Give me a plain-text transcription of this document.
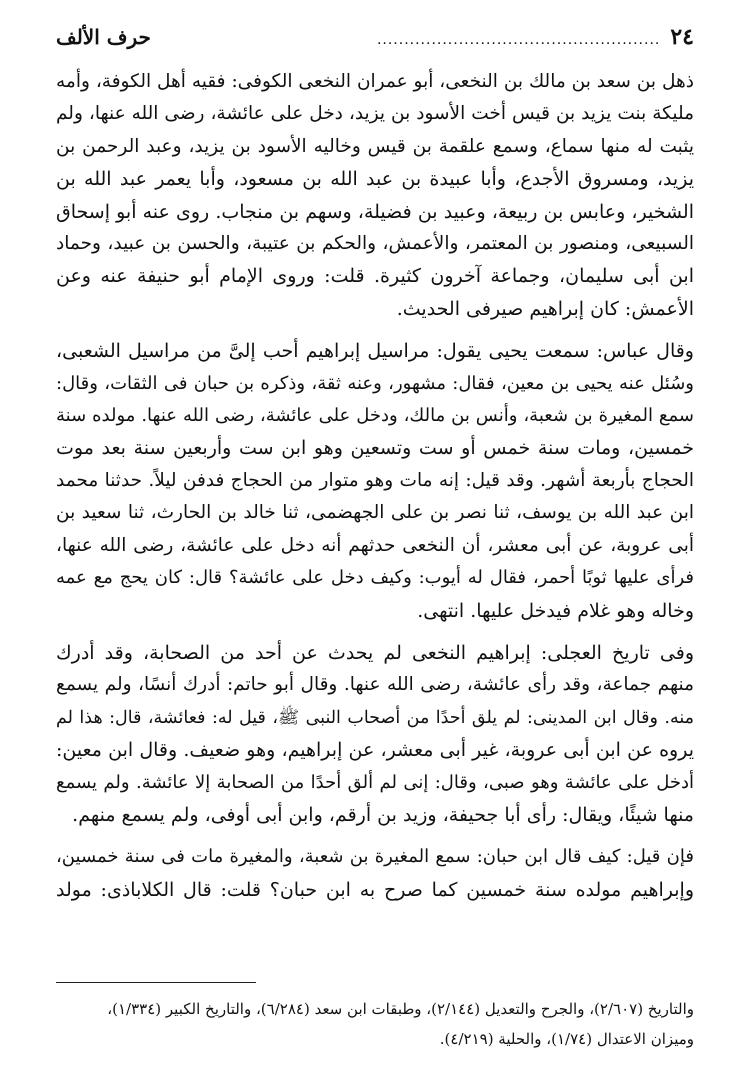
٢٤
....................................................
حرف الألف
ذهل بن سعد بن مالك بن النخعى، أبو عمران النخعى الكوفى: فقيه أهل الكوفة، وأمه
مليكة بنت يزيد بن قيس أخت الأسود بن يزيد، دخل على عائشة، رضى الله عنها، ولم
يثبت له منها سماع، وسمع علقمة بن قيس وخاليه الأسود بن يزيد، وعبد الرحمن بن
يزيد، ومسروق الأجدع، وأبا عبيدة بن عبد الله بن مسعود، وأبا يعمر عبد الله بن
الشخير، وعابس بن ربيعة، وعبيد بن فضيلة، وسهم بن منجاب. روى عنه أبو إسحاق
السبيعى، ومنصور بن المعتمر، والأعمش، والحكم بن عتيبة، والحسن بن عبيد، وحماد
ابن أبى سليمان، وجماعة آخرون كثيرة. قلت: وروى الإمام أبو حنيفة عنه وعن
الأعمش: كان إبراهيم صيرفى الحديث.
وقال عباس: سمعت يحيى يقول: مراسيل إبراهيم أحب إلىَّ من مراسيل الشعبى،
وسُئل عنه يحيى بن معين، فقال: مشهور، وعنه ثقة، وذكره بن حبان فى الثقات، وقال:
سمع المغيرة بن شعبة، وأنس بن مالك، ودخل على عائشة، رضى الله عنها. مولده سنة
خمسين، ومات سنة خمس أو ست وتسعين وهو ابن ست وأربعين سنة بعد موت
الحجاج بأربعة أشهر. وقد قيل: إنه مات وهو متوار من الحجاج فدفن ليلاً. حدثنا محمد
ابن عبد الله بن يوسف، ثنا نصر بن على الجهضمى، ثنا خالد بن الحارث، ثنا سعيد بن
أبى عروبة، عن أبى معشر، أن النخعى حدثهم أنه دخل على عائشة، رضى الله عنها،
فرأى عليها ثوبًا أحمر، فقال له أيوب: وكيف دخل على عائشة؟ قال: كان يحج مع عمه
وخاله وهو غلام فيدخل عليها. انتهى.
وفى تاريخ العجلى: إبراهيم النخعى لم يحدث عن أحد من الصحابة، وقد أدرك
منهم جماعة، وقد رأى عائشة، رضى الله عنها. وقال أبو حاتم: أدرك أنسًا، ولم يسمع
منه. وقال ابن المدينى: لم يلق أحدًا من أصحاب النبى ﷺ، قيل له: فعائشة، قال: هذا لم
يروه عن ابن أبى عروبة، غير أبى معشر، عن إبراهيم، وهو ضعيف. وقال ابن معين:
أدخل على عائشة وهو صبى، وقال: إنى لم ألق أحدًا من الصحابة إلا عائشة. ولم يسمع
منها شيئًا، ويقال: رأى أبا جحيفة، وزيد بن أرقم، وابن أبى أوفى، ولم يسمع منهم.
فإن قيل: كيف قال ابن حبان: سمع المغيرة بن شعبة، والمغيرة مات فى سنة خمسين،
وإبراهيم مولده سنة خمسين كما صرح به ابن حبان؟ قلت: قال الكلاباذى: مولد
والتاريخ (٢/٦٠٧)، والجرح والتعديل (٢/١٤٤)، وطبقات ابن سعد (٦/٢٨٤)، والتاريخ الكبير (١/٣٣٤)،
وميزان الاعتدال (١/٧٤)، والحلية (٤/٢١٩).
